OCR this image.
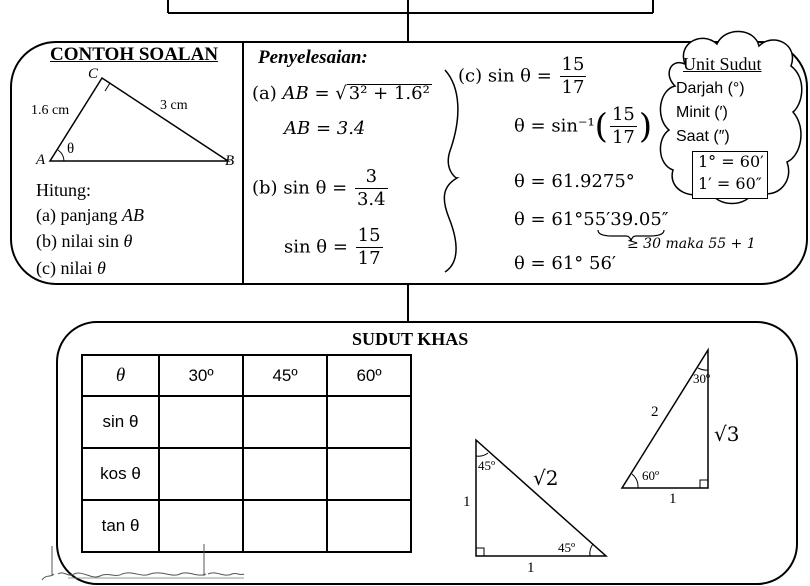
CONTOH SOALAN
C
A	B
1.6 cm	3 cm
θ
Hitung:
(a) panjang AB
(b) nilai sin θ
(c) nilai θ
Penyelesaian:
(a) AB = √ 3² + 1.6²
AB = 3.4
(b) $\sin \theta = \frac{3}{3.4}$
$\sin \theta = \frac{15}{17}$
(c) $\sin \theta = \frac{15}{17}$
$\theta = \sin^{-1}( \frac{15}{17}$ )
θ = 61.9275°
θ = 61°55′39.05″
≥ 30 maka 55 + 1
θ = 61° 56′
Unit Sudut
Darjah (°)
Minit (′)
Saat (″)
1° = 60′
1′ = 60″
SUDUT KHAS
θ	30º	45º	60º
sin θ			
kos θ			
tan θ			
45º
45º
1
1
√2
30º
60º
2
√3
1
